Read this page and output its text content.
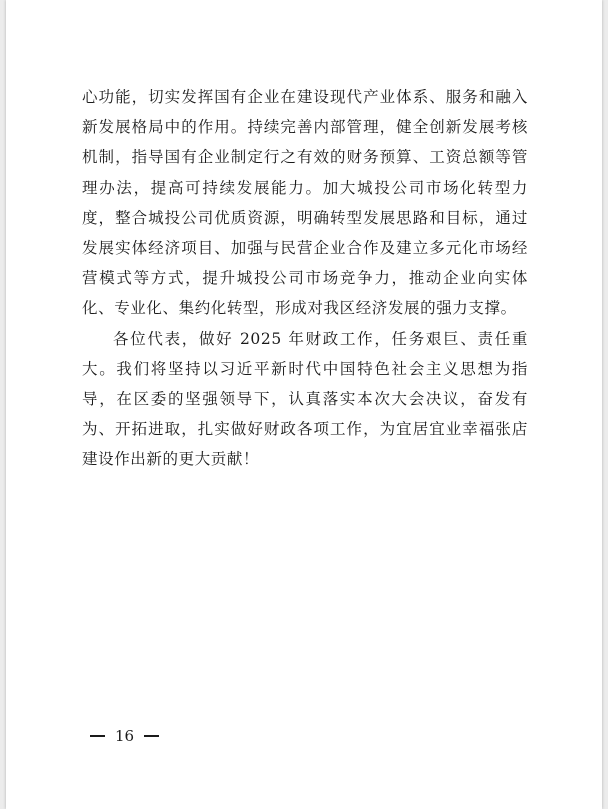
心功能，切实发挥国有企业在建设现代产业体系、服务和融入新发展格局中的作用。持续完善内部管理，健全创新发展考核机制，指导国有企业制定行之有效的财务预算、工资总额等管理办法，提高可持续发展能力。加大城投公司市场化转型力度，整合城投公司优质资源，明确转型发展思路和目标，通过发展实体经济项目、加强与民营企业合作及建立多元化市场经营模式等方式，提升城投公司市场竞争力，推动企业向实体化、专业化、集约化转型，形成对我区经济发展的强力支撑。

各位代表，做好 2025 年财政工作，任务艰巨、责任重大。我们将坚持以习近平新时代中国特色社会主义思想为指导，在区委的坚强领导下，认真落实本次大会决议，奋发有为、开拓进取，扎实做好财政各项工作，为宜居宜业幸福张店建设作出新的更大贡献！

16
